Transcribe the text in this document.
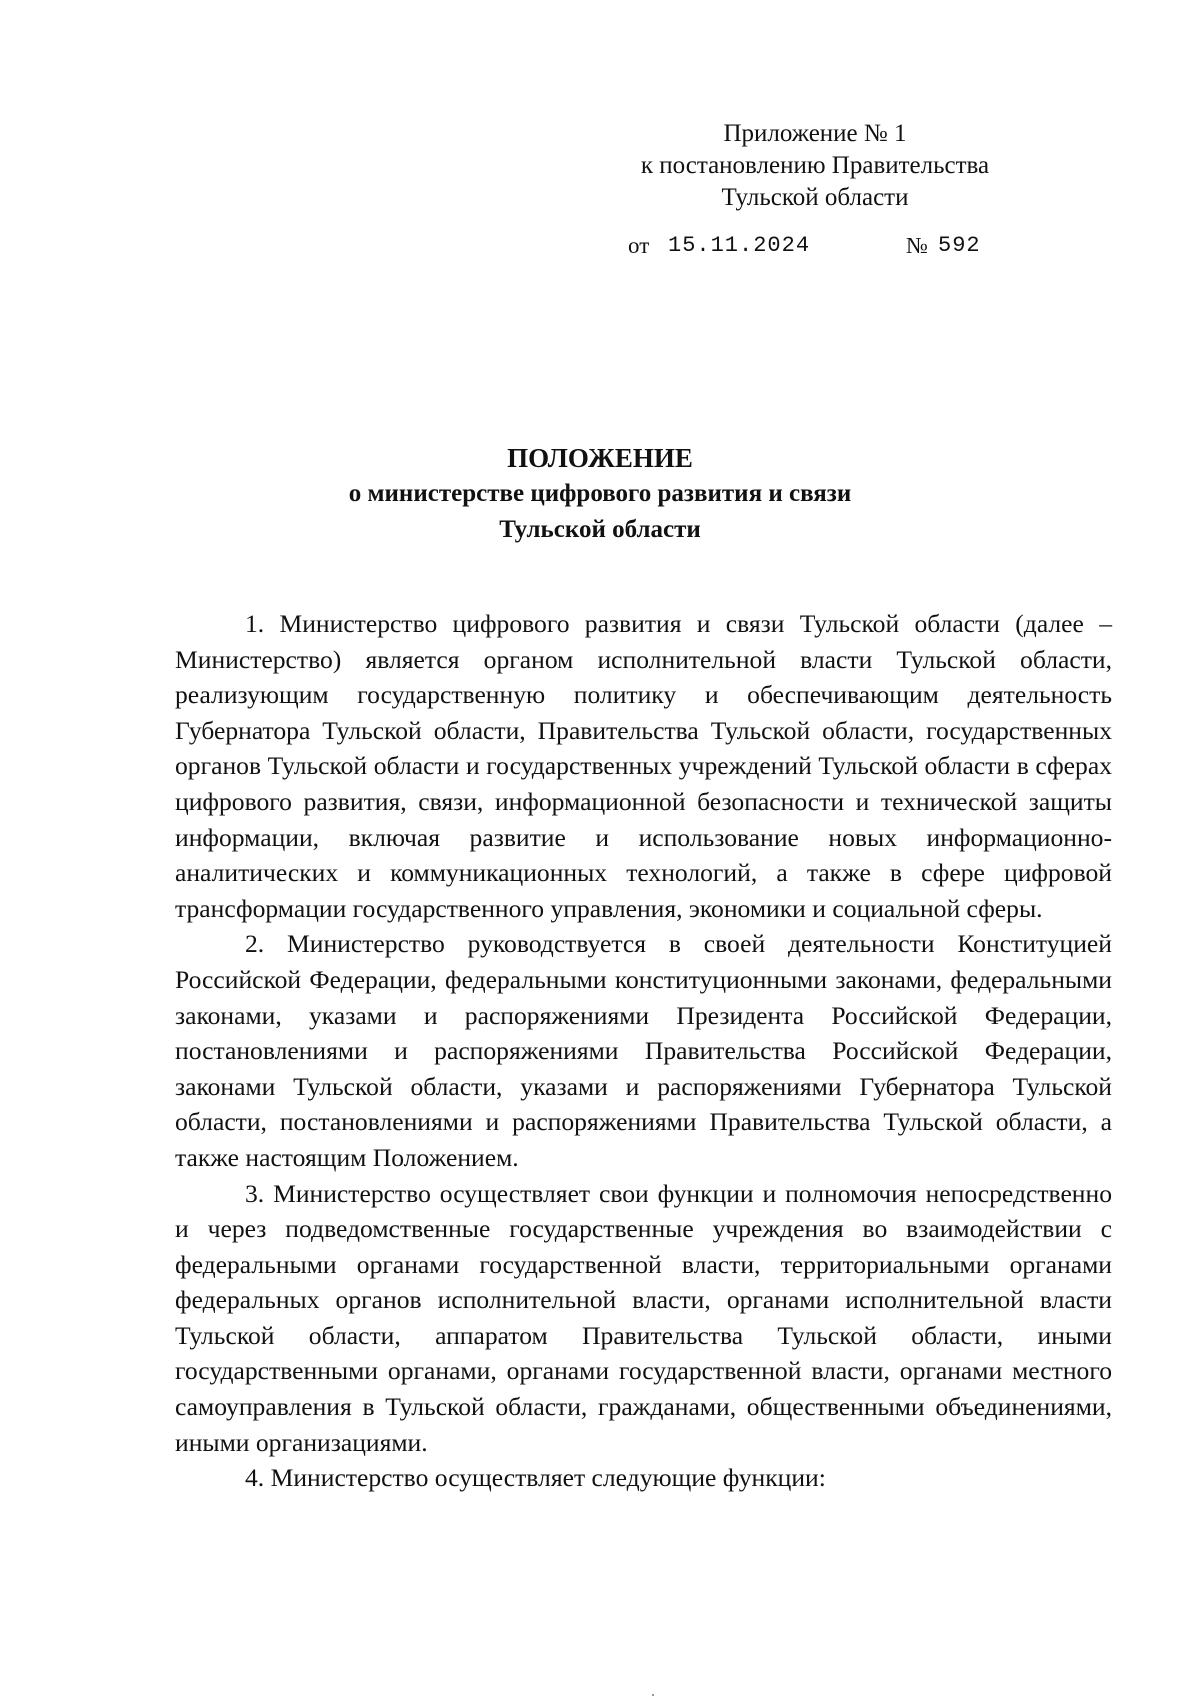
Приложение № 1
к постановлению Правительства
Тульской области
от 15.11.2024	№ 592
ПОЛОЖЕНИЕ
о министерстве цифрового развития и связи
Тульской области

1. Министерство цифрового развития и связи Тульской области (далее – Министерство) является органом исполнительной власти Тульской области, реализующим государственную политику и обеспечивающим деятельность Губернатора Тульской области, Правительства Тульской области, государственных органов Тульской области и государственных учреждений Тульской области в сферах цифрового развития, связи, информационной безопасности и технической защиты информации, включая развитие и использование новых информационно-аналитических и коммуникационных технологий, а также в сфере цифровой трансформации государственного управления, экономики и социальной сферы.

2. Министерство руководствуется в своей деятельности Конституцией Российской Федерации, федеральными конституционными законами, федеральными законами, указами и распоряжениями Президента Российской Федерации, постановлениями и распоряжениями Правительства Российской Федерации, законами Тульской области, указами и распоряжениями Губернатора Тульской области, постановлениями и распоряжениями Правительства Тульской области, а также настоящим Положением.

3. Министерство осуществляет свои функции и полномочия непосредственно и через подведомственные государственные учреждения во взаимодействии с федеральными органами государственной власти, территориальными органами федеральных органов исполнительной власти, органами исполнительной власти Тульской области, аппаратом Правительства Тульской области, иными государственными органами, органами государственной власти, органами местного самоуправления в Тульской области, гражданами, общественными объединениями, иными организациями.

4. Министерство осуществляет следующие функции:
